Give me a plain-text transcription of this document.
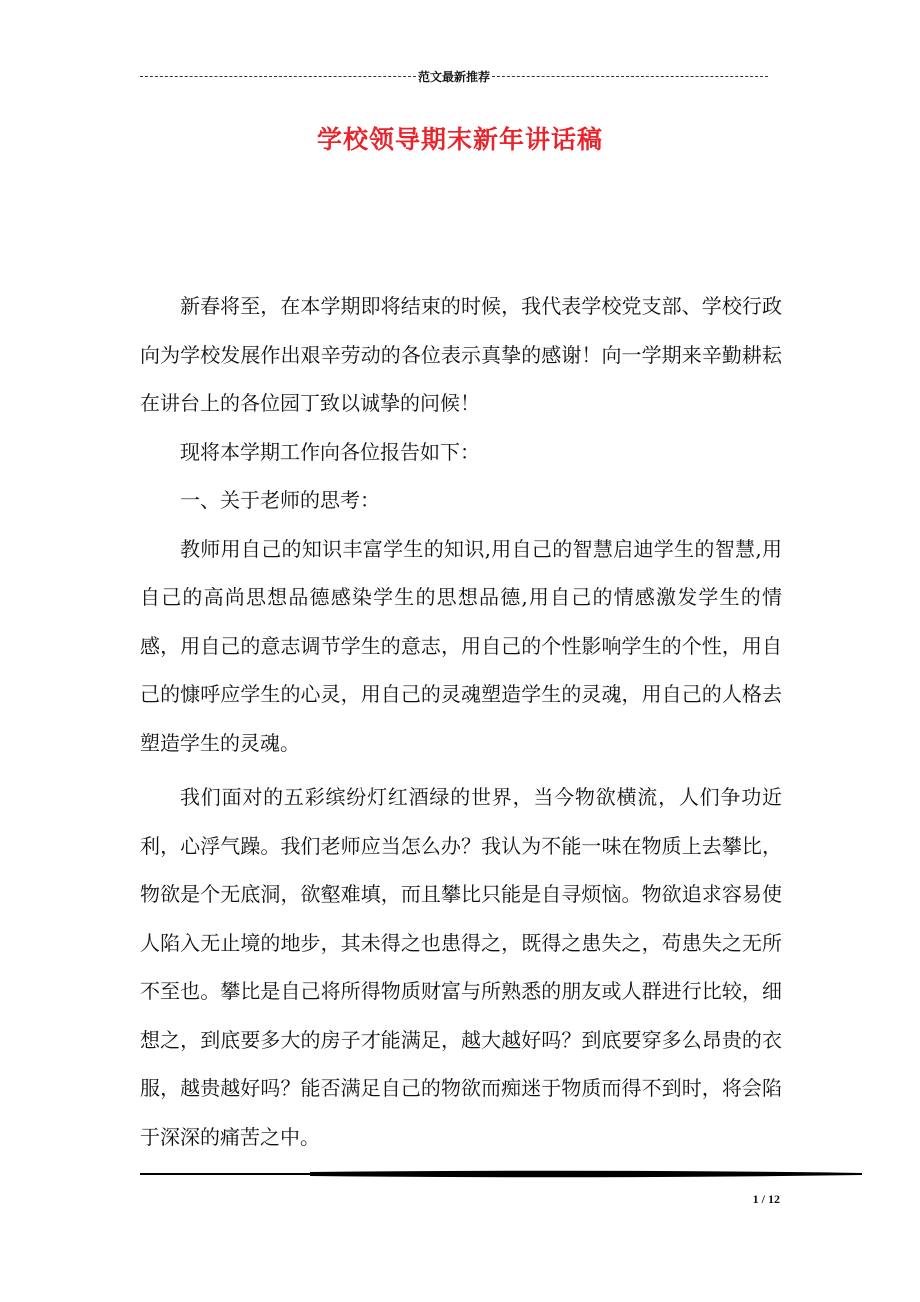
范文最新推荐
学校领导期末新年讲话稿

新春将至，在本学期即将结束的时候，我代表学校党支部、学校行政向为学校发展作出艰辛劳动的各位表示真挚的感谢！向一学期来辛勤耕耘在讲台上的各位园丁致以诚挚的问候！

现将本学期工作向各位报告如下：

一、关于老师的思考：

教师用自己的知识丰富学生的知识,用自己的智慧启迪学生的智慧,用自己的高尚思想品德感染学生的思想品德,用自己的情感激发学生的情感，用自己的意志调节学生的意志，用自己的个性影响学生的个性，用自己的慷呼应学生的心灵，用自己的灵魂塑造学生的灵魂，用自己的人格去塑造学生的灵魂。

我们面对的五彩缤纷灯红酒绿的世界，当今物欲横流，人们争功近利，心浮气躁。我们老师应当怎么办？我认为不能一味在物质上去攀比，物欲是个无底洞，欲壑难填，而且攀比只能是自寻烦恼。物欲追求容易使人陷入无止境的地步，其未得之也患得之，既得之患失之，苟患失之无所不至也。攀比是自己将所得物质财富与所熟悉的朋友或人群进行比较，细想之，到底要多大的房子才能满足，越大越好吗？到底要穿多么昂贵的衣服，越贵越好吗？能否满足自己的物欲而痴迷于物质而得不到时，将会陷于深深的痛苦之中。

1 / 12
